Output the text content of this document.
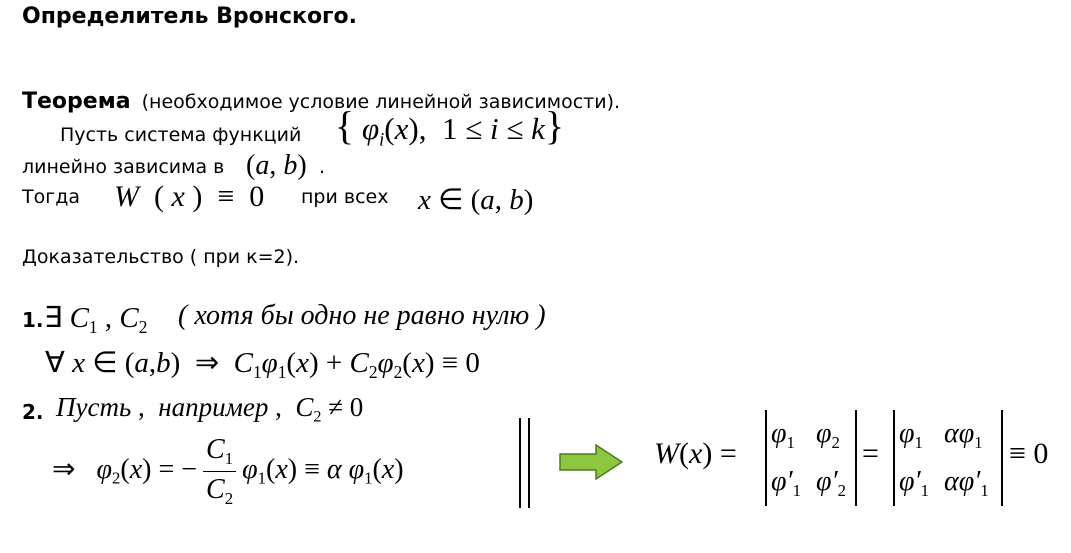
Определитель Вронского.
Теорема (необходимое условие линейной зависимости).
Пусть система функций { $\varphi_i(x)$,  1 ≤ i ≤ k}
линейно зависима в (a, b) .
Тогда W  ( x ) ≡ 0 при всех x ∈ (a, b)
Доказательство ( при к=2).
1. ∃ $C_1$ , $C_2$ ( хотя бы одно не равно нулю )
∀ x ∈ (a,b) ⇒  $C_1\varphi_1(x) + C_2\varphi_2(x) \equiv 0$
2. Пусть ,  например ,  $C_2 \ne 0$
⇒   $\varphi_2(x)$ = − $\frac{C_1}{C_2} \varphi_1(x) \equiv \alpha$ $\varphi_1(x)$	W(x) =
$\varphi_1$ $\varphi_2$
$\varphi'_1$ $\varphi'_2$
=
$\varphi_1$ $\alpha\varphi_1$
$\varphi'_1$ $\alpha\varphi'_1$
≡ 0
